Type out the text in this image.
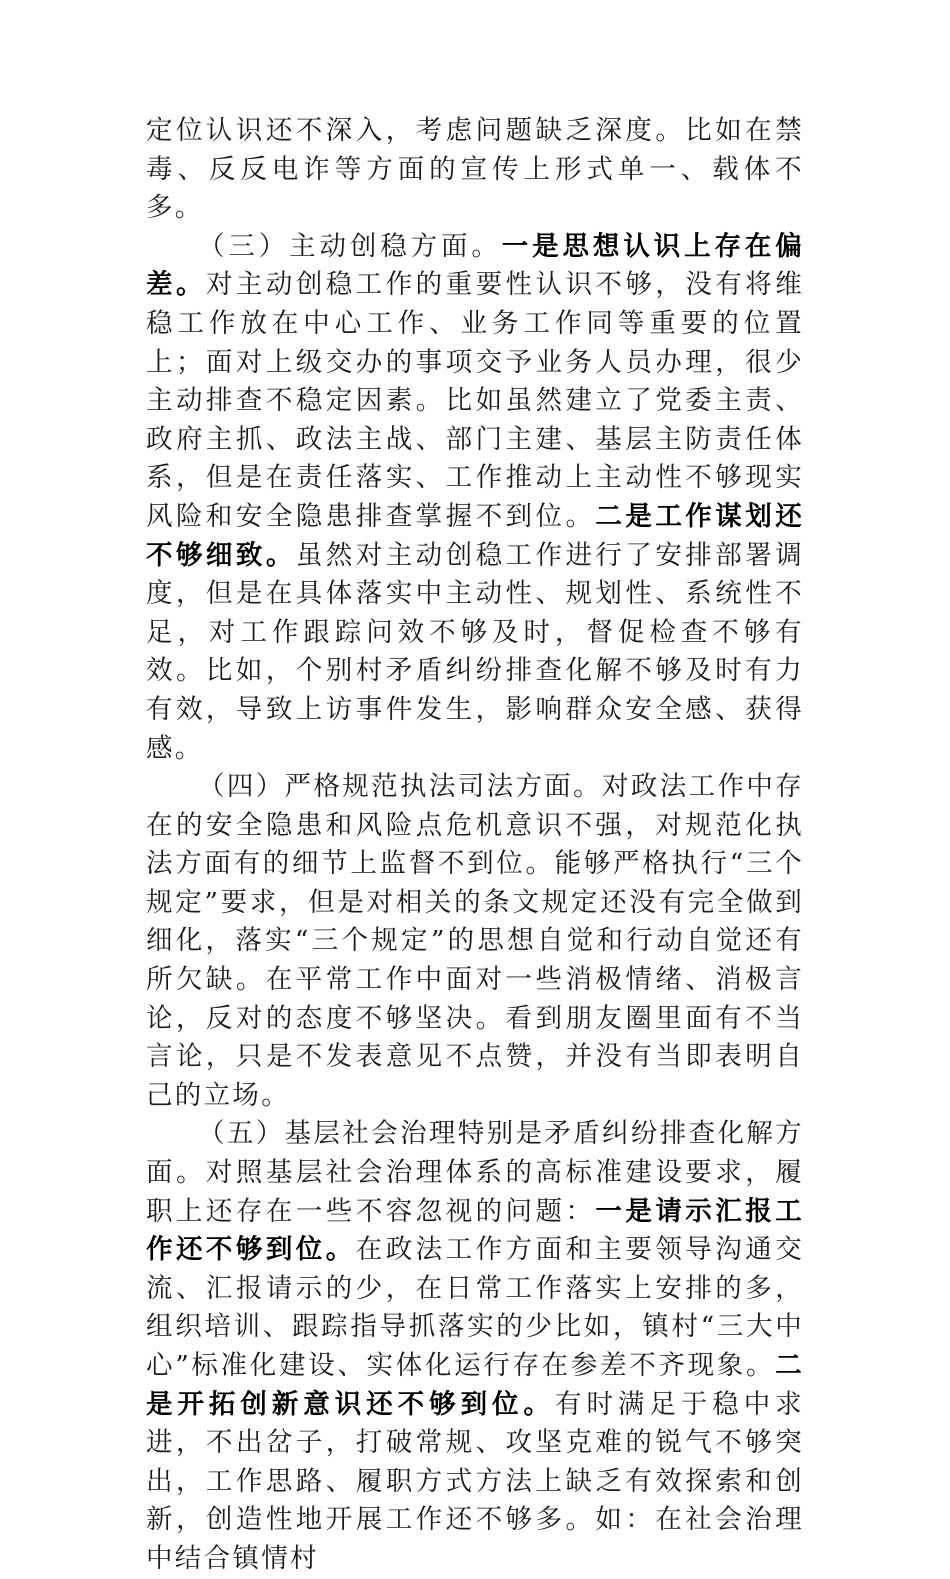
定位认识还不深入，考虑问题缺乏深度。比如在禁毒、反反电诈等方面的宣传上形式单一、载体不多。

（三）主动创稳方面。一是思想认识上存在偏差。对主动创稳工作的重要性认识不够，没有将维稳工作放在中心工作、业务工作同等重要的位置上；面对上级交办的事项交予业务人员办理，很少主动排查不稳定因素。比如虽然建立了党委主责、政府主抓、政法主战、部门主建、基层主防责任体系，但是在责任落实、工作推动上主动性不够现实风险和安全隐患排查掌握不到位。二是工作谋划还不够细致。虽然对主动创稳工作进行了安排部署调度，但是在具体落实中主动性、规划性、系统性不足，对工作跟踪问效不够及时，督促检查不够有效。比如，个别村矛盾纠纷排查化解不够及时有力有效，导致上访事件发生，影响群众安全感、获得感。

（四）严格规范执法司法方面。对政法工作中存在的安全隐患和风险点危机意识不强，对规范化执法方面有的细节上监督不到位。能够严格执行“三个规定”要求，但是对相关的条文规定还没有完全做到细化，落实“三个规定”的思想自觉和行动自觉还有所欠缺。在平常工作中面对一些消极情绪、消极言论，反对的态度不够坚决。看到朋友圈里面有不当言论，只是不发表意见不点赞，并没有当即表明自己的立场。

（五）基层社会治理特别是矛盾纠纷排查化解方面。对照基层社会治理体系的高标准建设要求，履职上还存在一些不容忽视的问题：一是请示汇报工作还不够到位。在政法工作方面和主要领导沟通交流、汇报请示的少，在日常工作落实上安排的多，组织培训、跟踪指导抓落实的少比如，镇村“三大中心”标准化建设、实体化运行存在参差不齐现象。二是开拓创新意识还不够到位。有时满足于稳中求进，不出岔子，打破常规、攻坚克难的锐气不够突出，工作思路、履职方式方法上缺乏有效探索和创新，创造性地开展工作还不够多。如：在社会治理中结合镇情村
